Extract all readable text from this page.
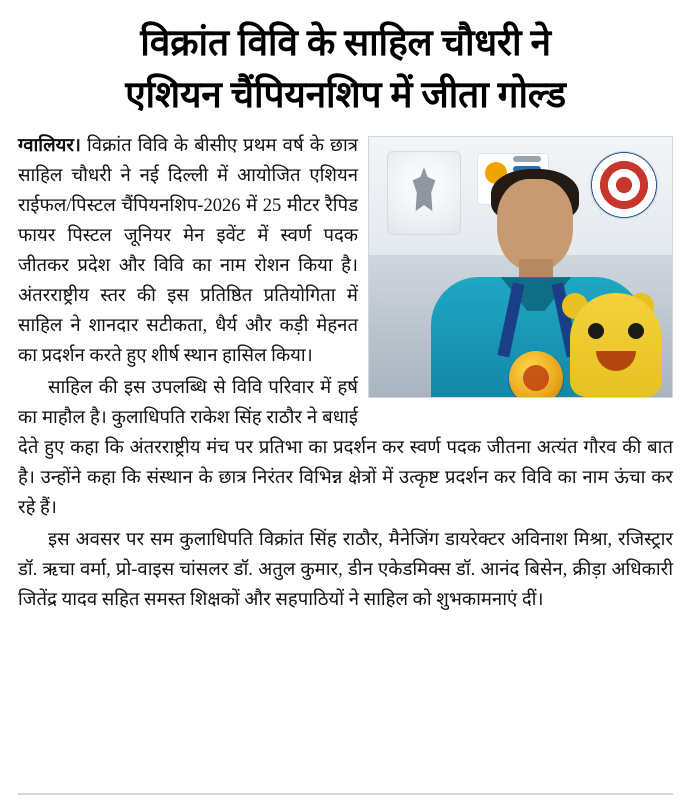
विक्रांत विवि के साहिल चौधरी ने
एशियन चैंपियनशिप में जीता गोल्ड

ग्वालियर। विक्रांत विवि के बीसीए प्रथम वर्ष के छात्र साहिल चौधरी ने नई दिल्ली में आयोजित एशियन राईफल/पिस्टल चैंपियनशिप-2026 में 25 मीटर रैपिड फायर पिस्टल जूनियर मेन इवेंट में स्वर्ण पदक जीतकर प्रदेश और विवि का नाम रोशन किया है। अंतरराष्ट्रीय स्तर की इस प्रतिष्ठित प्रतियोगिता में साहिल ने शानदार सटीकता, धैर्य और कड़ी मेहनत का प्रदर्शन करते हुए शीर्ष स्थान हासिल किया।

साहिल की इस उपलब्धि से विवि परिवार में हर्ष का माहौल है। कुलाधिपति राकेश सिंह राठौर ने बधाई देते हुए कहा कि अंतरराष्ट्रीय मंच पर प्रतिभा का प्रदर्शन कर स्वर्ण पदक जीतना अत्यंत गौरव की बात है। उन्होंने कहा कि संस्थान के छात्र निरंतर विभिन्न क्षेत्रों में उत्कृष्ट प्रदर्शन कर विवि का नाम ऊंचा कर रहे हैं।

इस अवसर पर सम कुलाधिपति विक्रांत सिंह राठौर, मैनेजिंग डायरेक्टर अविनाश मिश्रा, रजिस्ट्रार डॉ. ऋचा वर्मा, प्रो-वाइस चांसलर डॉ. अतुल कुमार, डीन एकेडमिक्स डॉ. आनंद बिसेन, क्रीड़ा अधिकारी जितेंद्र यादव सहित समस्त शिक्षकों और सहपाठियों ने साहिल को शुभकामनाएं दीं।
